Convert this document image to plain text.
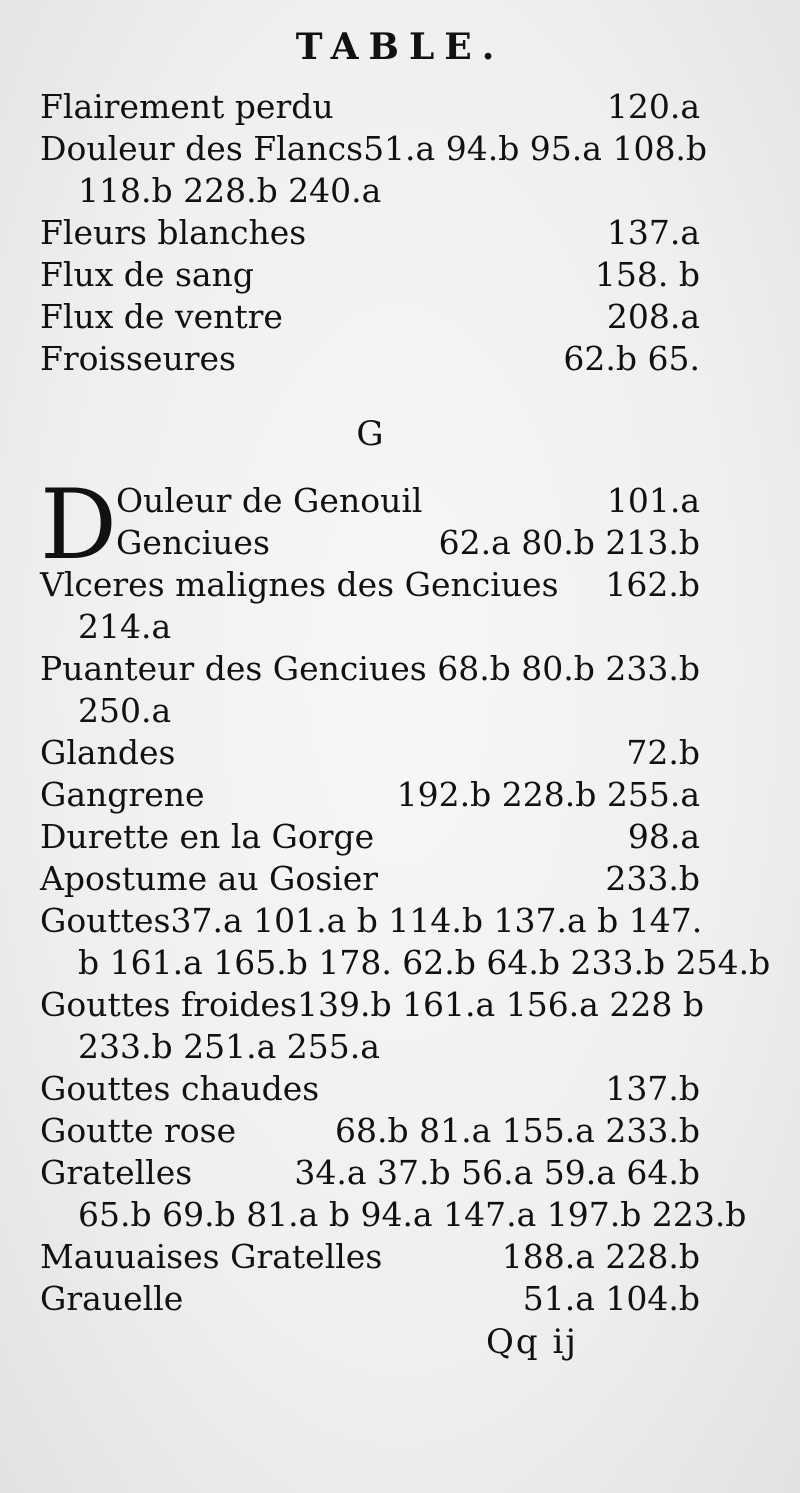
TABLE.
Flairement perdu	120.a
Douleur des Flancs 51.a 94.b 95.a 108.b
118.b 228.b 240.a
Fleurs blanches	137.a
Flux de sang	158. b
Flux de ventre	208.a
Froisseures	62.b 65.
G
D Ouleur de Genouil	101.a
Genciues	62.a 80.b 213.b
Vlceres malignes des Genciues 162.b
214.a
Puanteur des Genciues 68.b 80.b 233.b
250.a
Glandes	72.b
Gangrene	192.b 228.b 255.a
Durette en la Gorge	98.a
Apostume au Gosier	233.b
Gouttes 37.a 101.a b 114.b 137.a b 147.
b 161.a 165.b 178. 62.b 64.b 233.b 254.b
Gouttes froides 139.b 161.a 156.a 228 b
233.b 251.a 255.a
Gouttes chaudes	137.b
Goutte rose	68.b 81.a 155.a 233.b
Gratelles	34.a 37.b 56.a 59.a 64.b
65.b 69.b 81.a b 94.a 147.a 197.b 223.b
Mauuaises Gratelles	188.a 228.b
Grauelle	51.a 104.b
Qq ij
